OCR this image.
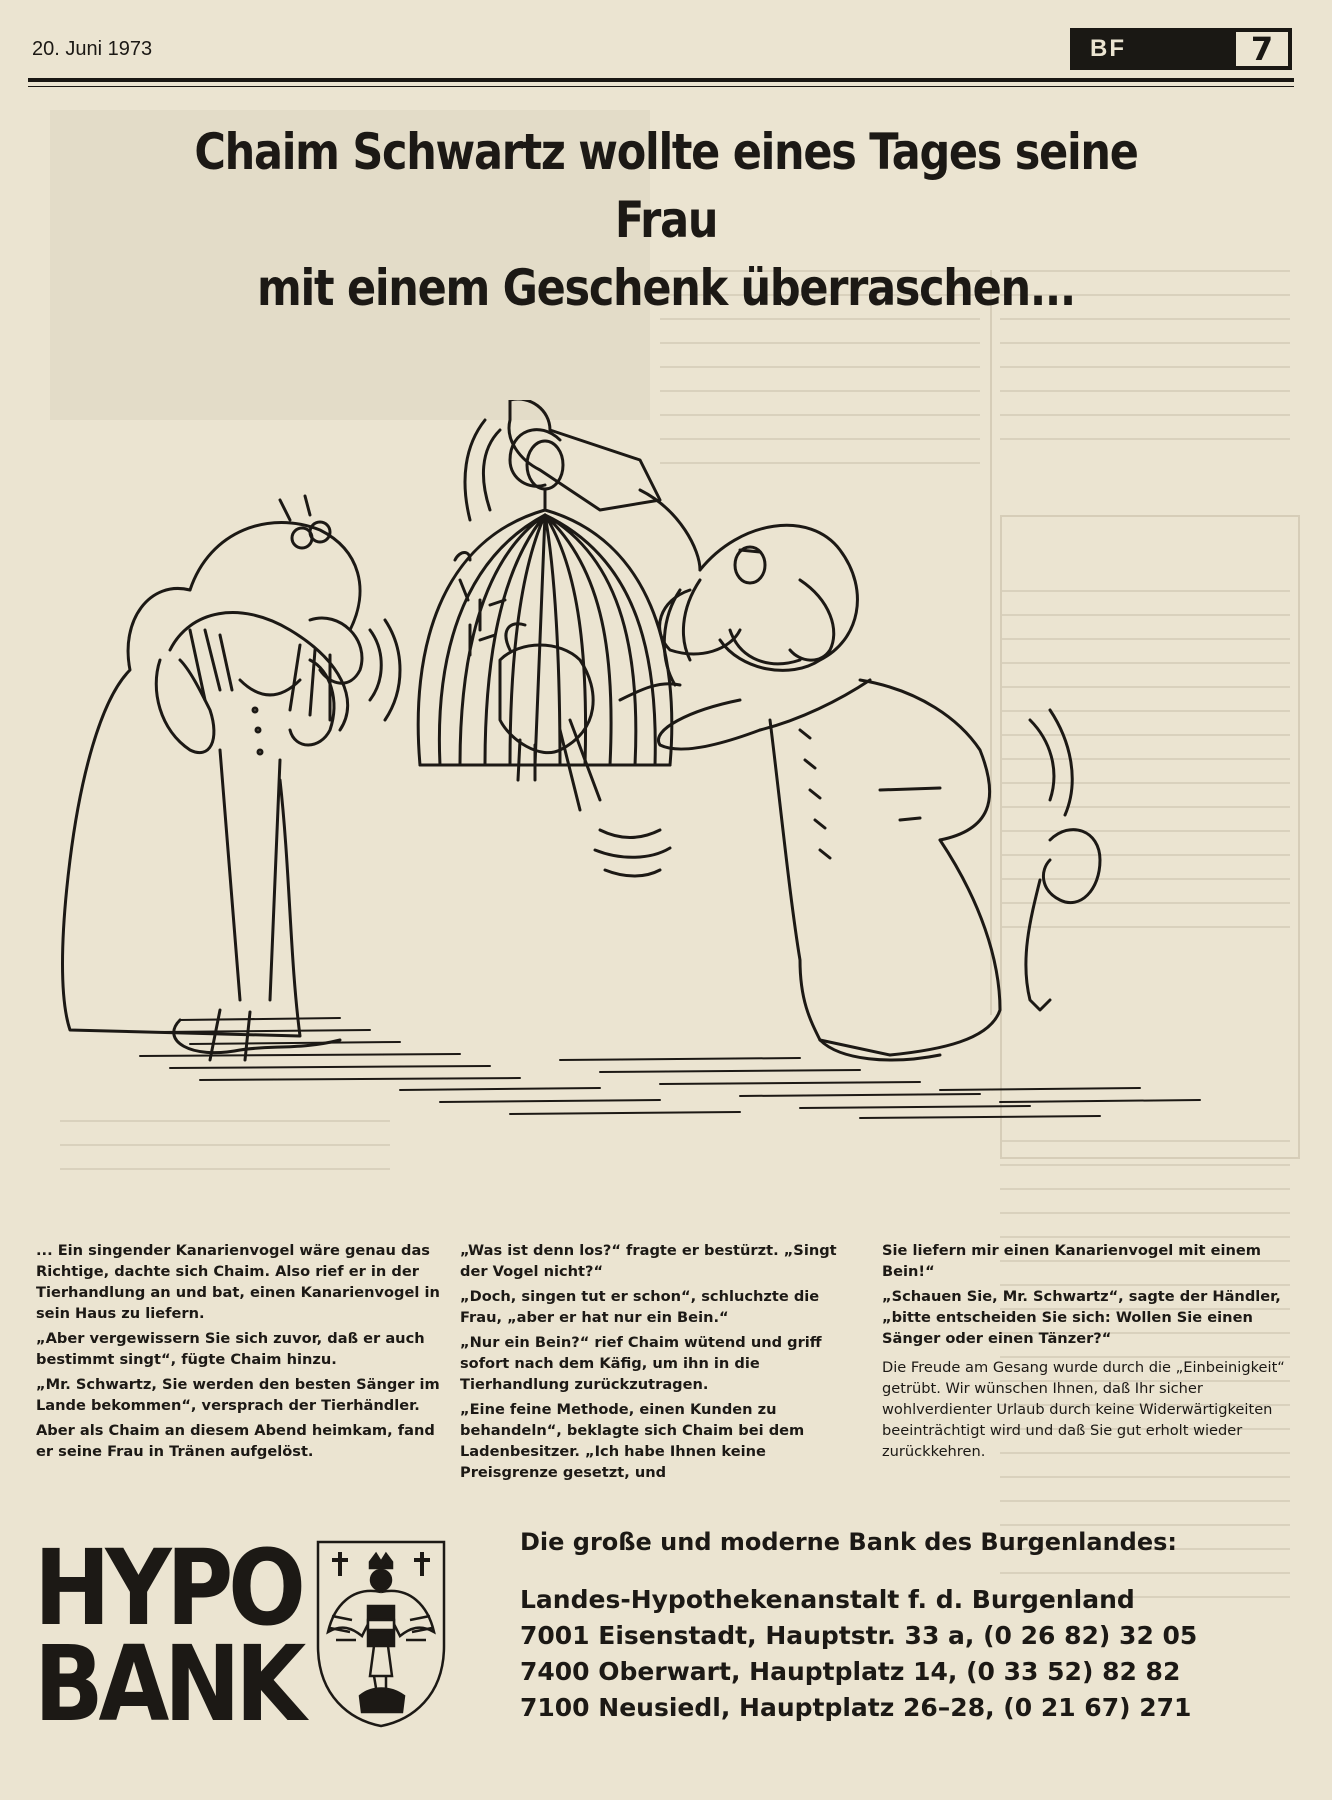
20. Juni 1973	BF	7
Chaim Schwartz wollte eines Tages seine Frau
mit einem Geschenk überraschen...

... Ein singender Kanarienvogel wäre genau das Richtige, dachte sich Chaim. Also rief er in der Tierhandlung an und bat, einen Kanarienvogel in sein Haus zu liefern.

„Aber vergewissern Sie sich zuvor, daß er auch bestimmt singt“, fügte Chaim hinzu.

„Mr. Schwartz, Sie werden den besten Sänger im Lande bekommen“, versprach der Tierhändler.

Aber als Chaim an diesem Abend heimkam, fand er seine Frau in Tränen aufgelöst.

„Was ist denn los?“ fragte er bestürzt. „Singt der Vogel nicht?“

„Doch, singen tut er schon“, schluchzte die Frau, „aber er hat nur ein Bein.“

„Nur ein Bein?“ rief Chaim wütend und griff sofort nach dem Käfig, um ihn in die Tierhandlung zurückzutragen.

„Eine feine Methode, einen Kunden zu behandeln“, beklagte sich Chaim bei dem Ladenbesitzer. „Ich habe Ihnen keine Preisgrenze gesetzt, und

Sie liefern mir einen Kanarienvogel mit einem Bein!“

„Schauen Sie, Mr. Schwartz“, sagte der Händler, „bitte entscheiden Sie sich: Wollen Sie einen Sänger oder einen Tänzer?“

Die Freude am Gesang wurde durch die „Einbeinigkeit“ getrübt. Wir wünschen Ihnen, daß Ihr sicher wohlverdienter Urlaub durch keine Widerwärtigkeiten beeinträchtigt wird und daß Sie gut erholt wieder zurückkehren.

HYPO
BANK
Die große und moderne Bank des Burgenlandes:
Landes-Hypothekenanstalt f. d. Burgenland
7001 Eisenstadt, Hauptstr. 33 a, (0 26 82) 32 05
7400 Oberwart, Hauptplatz 14, (0 33 52) 82 82
7100 Neusiedl, Hauptplatz 26–28, (0 21 67) 271
